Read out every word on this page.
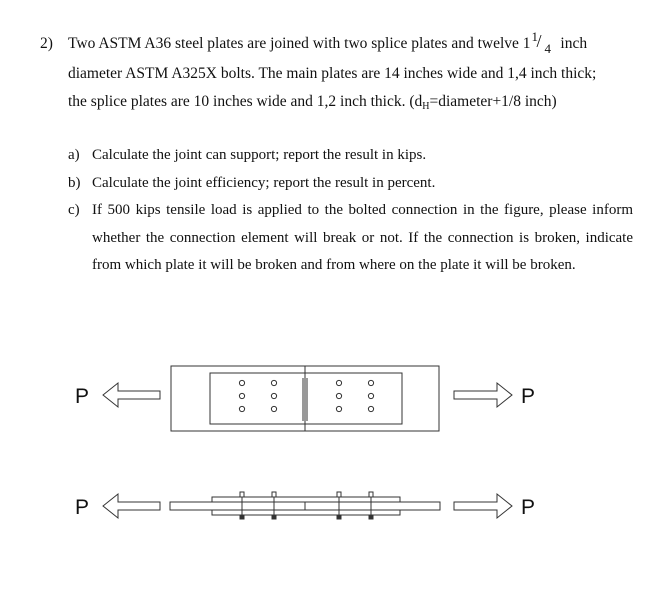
2) Two ASTM A36 steel plates are joined with two splice plates and twelve 1 1
/ 4 inch
diameter ASTM A325X bolts. The main plates are 14 inches wide and 1,4 inch thick;
the splice plates are 10 inches wide and 1,2 inch thick. ($d_H=diameter+1/8$ inch)
a) Calculate the joint can support; report the result in kips.
b) Calculate the joint efficiency; report the result in percent.
c) If 500 kips tensile load is applied to the bolted connection in the figure, please inform whether the connection element will break or not. If the connection is broken, indicate from which plate it will be broken and from where on the plate it will be broken.
P	P
P	P
